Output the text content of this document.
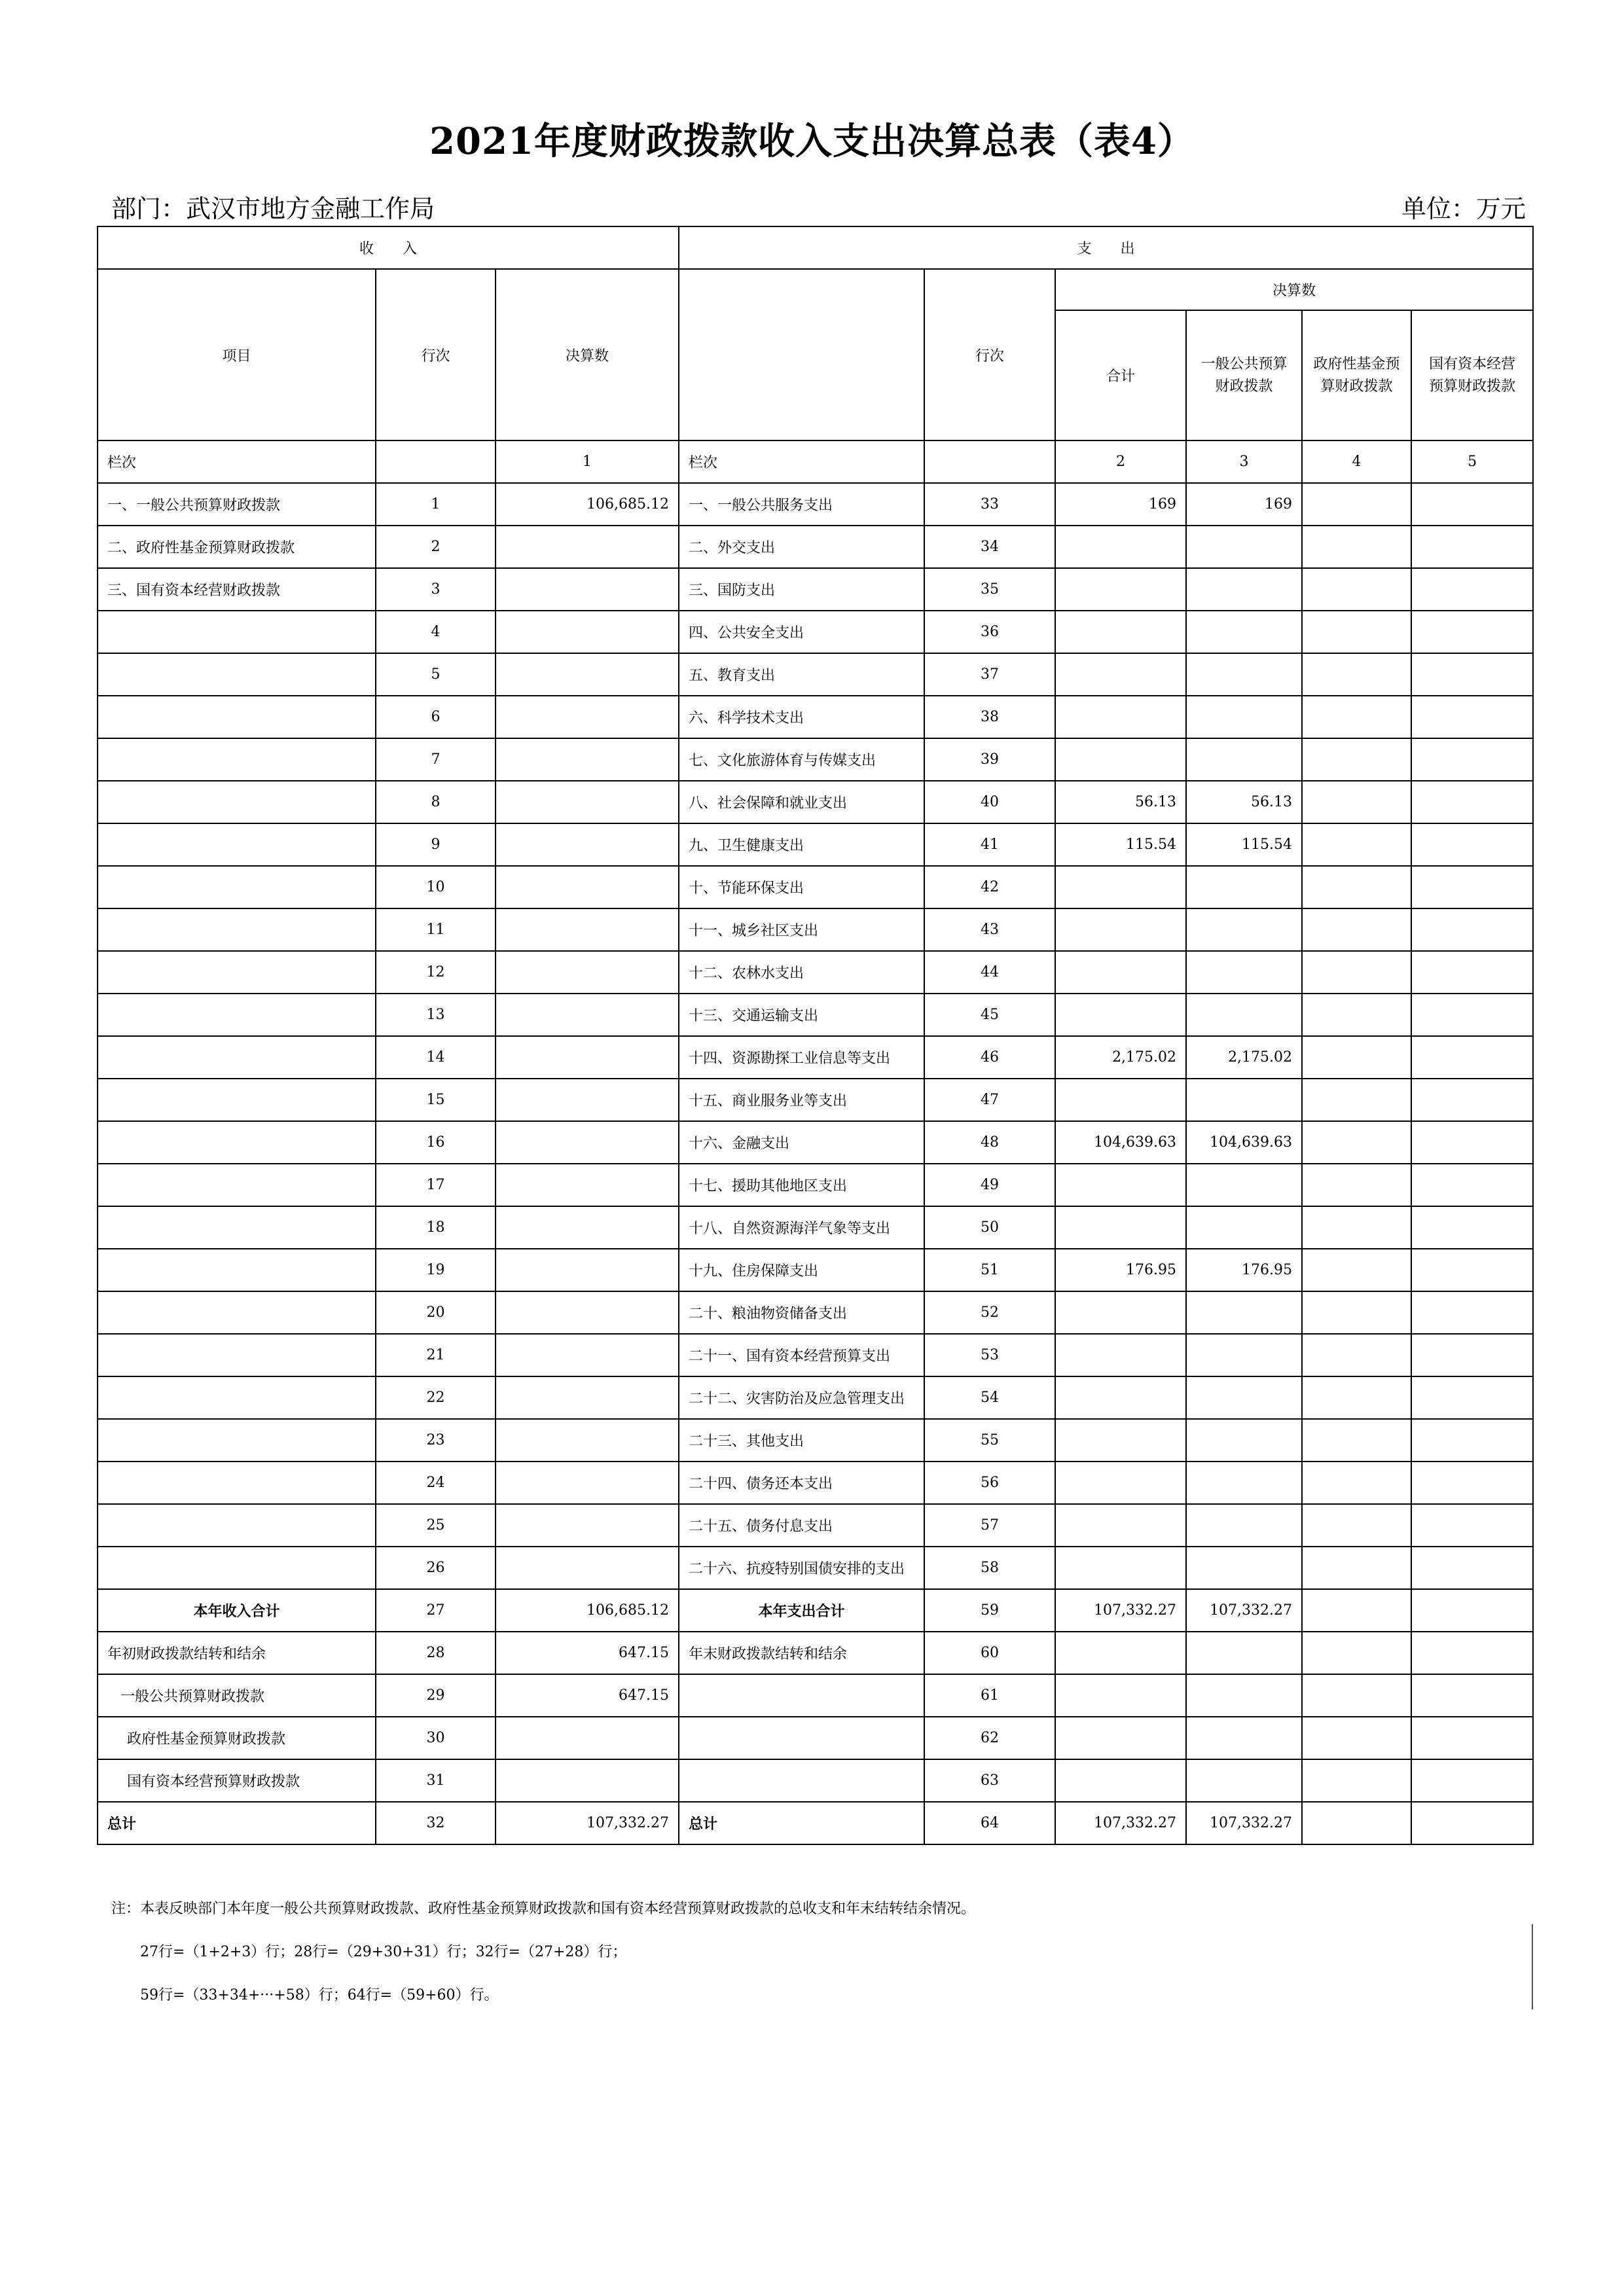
2021年度财政拨款收入支出决算总表（表4）
部门：武汉市地方金融工作局	单位：万元
收　　入			支　　出					
项目	行次	决算数		行次	决算数			
					合计	一般公共预算财政拨款	政府性基金预算财政拨款	国有资本经营预算财政拨款
栏次		1	栏次		2	3	4	5
一、一般公共预算财政拨款	1	106,685.12	一、一般公共服务支出	33	169	169		
二、政府性基金预算财政拨款	2		二、外交支出	34				
三、国有资本经营财政拨款	3		三、国防支出	35				
	4		四、公共安全支出	36				
	5		五、教育支出	37				
	6		六、科学技术支出	38				
	7		七、文化旅游体育与传媒支出	39				
	8		八、社会保障和就业支出	40	56.13	56.13		
	9		九、卫生健康支出	41	115.54	115.54		
	10		十、节能环保支出	42				
	11		十一、城乡社区支出	43				
	12		十二、农林水支出	44				
	13		十三、交通运输支出	45				
	14		十四、资源勘探工业信息等支出	46	2,175.02	2,175.02		
	15		十五、商业服务业等支出	47				
	16		十六、金融支出	48	104,639.63	104,639.63		
	17		十七、援助其他地区支出	49				
	18		十八、自然资源海洋气象等支出	50				
	19		十九、住房保障支出	51	176.95	176.95		
	20		二十、粮油物资储备支出	52				
	21		二十一、国有资本经营预算支出	53				
	22		二十二、灾害防治及应急管理支出	54				
	23		二十三、其他支出	55				
	24		二十四、债务还本支出	56				
	25		二十五、债务付息支出	57				
	26		二十六、抗疫特别国债安排的支出	58				
本年收入合计	27	106,685.12	本年支出合计	59	107,332.27	107,332.27		
年初财政拨款结转和结余	28	647.15	年末财政拨款结转和结余	60				
一般公共预算财政拨款	29	647.15		61				
政府性基金预算财政拨款	30			62				
国有资本经营预算财政拨款	31			63				
总计	32	107,332.27	总计	64	107,332.27	107,332.27		
注：本表反映部门本年度一般公共预算财政拨款、政府性基金预算财政拨款和国有资本经营预算财政拨款的总收支和年末结转结余情况。
27行=（1+2+3）行；28行=（29+30+31）行；32行=（27+28）行；
59行=（33+34+···+58）行；64行=（59+60）行。
